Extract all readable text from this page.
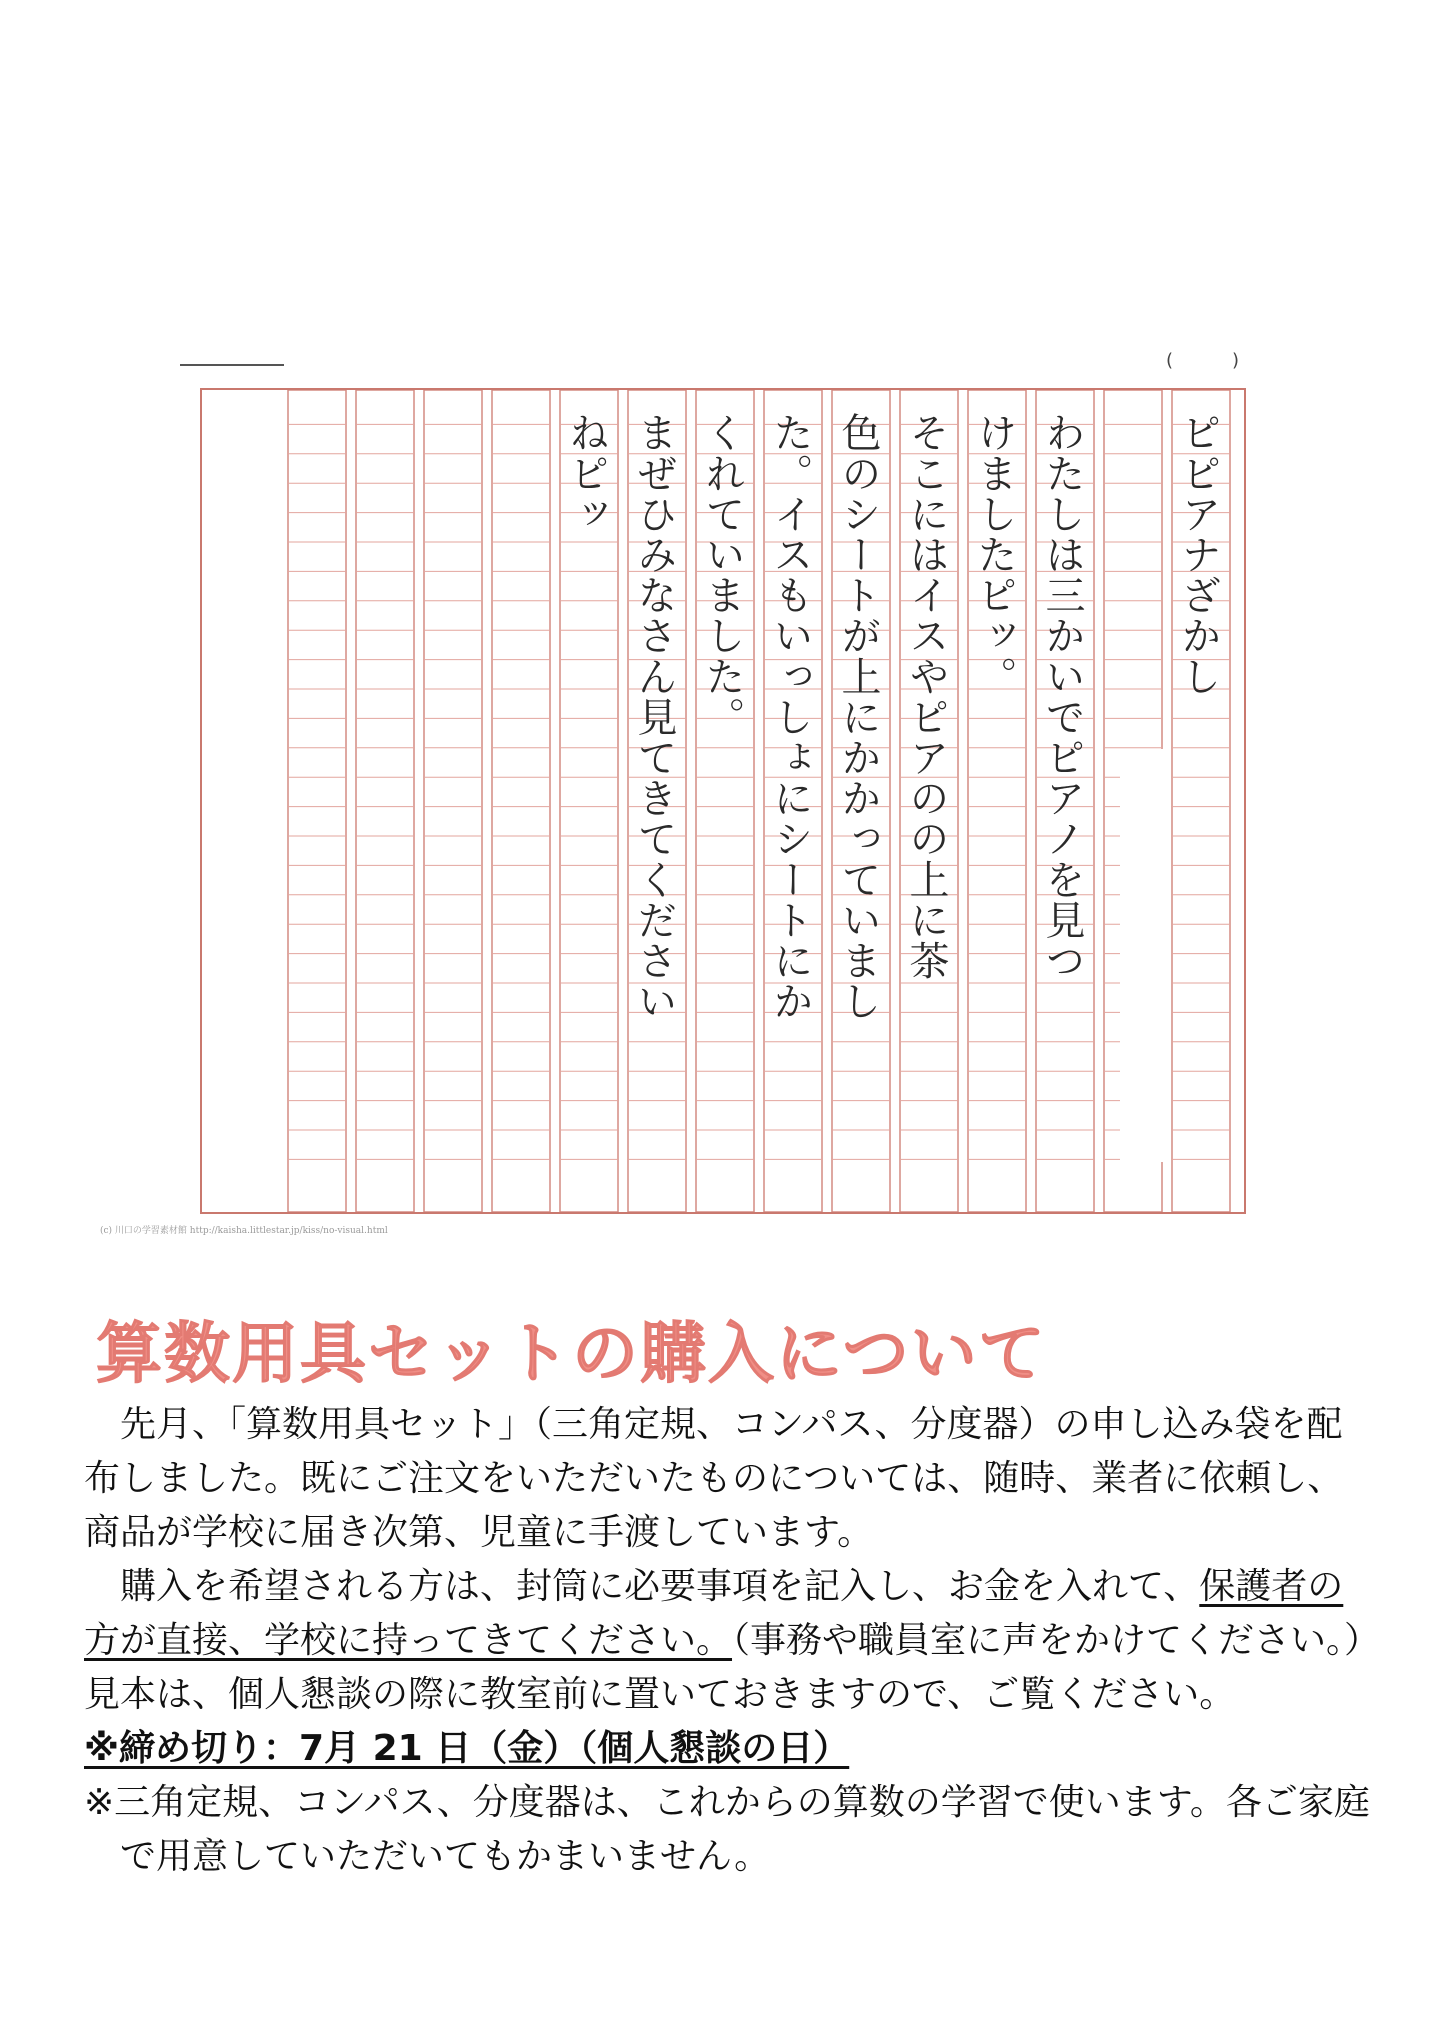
(	)
ピピアナざかし
わたしは三かいでピアノを見つ
けましたピッ。
そこにはイスやピアのの上に茶
色のシートが上にかかっていまし
た。イスもいっしょにシートにか
くれていました。
まぜひみなさん見てきてください
ねピッ
(c) 川口の学習素材館 http://kaisha.littlestar.jp/kiss/no-visual.html
算数用具セットの購入について

先月、「算数用具セット」（三角定規、コンパス、分度器）の申し込み袋を配布しました。既にご注文をいただいたものについては、随時、業者に依頼し、商品が学校に届き次第、児童に手渡しています。

購入を希望される方は、封筒に必要事項を記入し、お金を入れて、保護者の方が直接、学校に持ってきてください。（事務や職員室に声をかけてください。）見本は、個人懇談の際に教室前に置いておきますので、ご覧ください。

※締め切り：7月 21 日（金）（個人懇談の日）

※三角定規、コンパス、分度器は、これからの算数の学習で使います。各ご家庭で用意していただいてもかまいません。
